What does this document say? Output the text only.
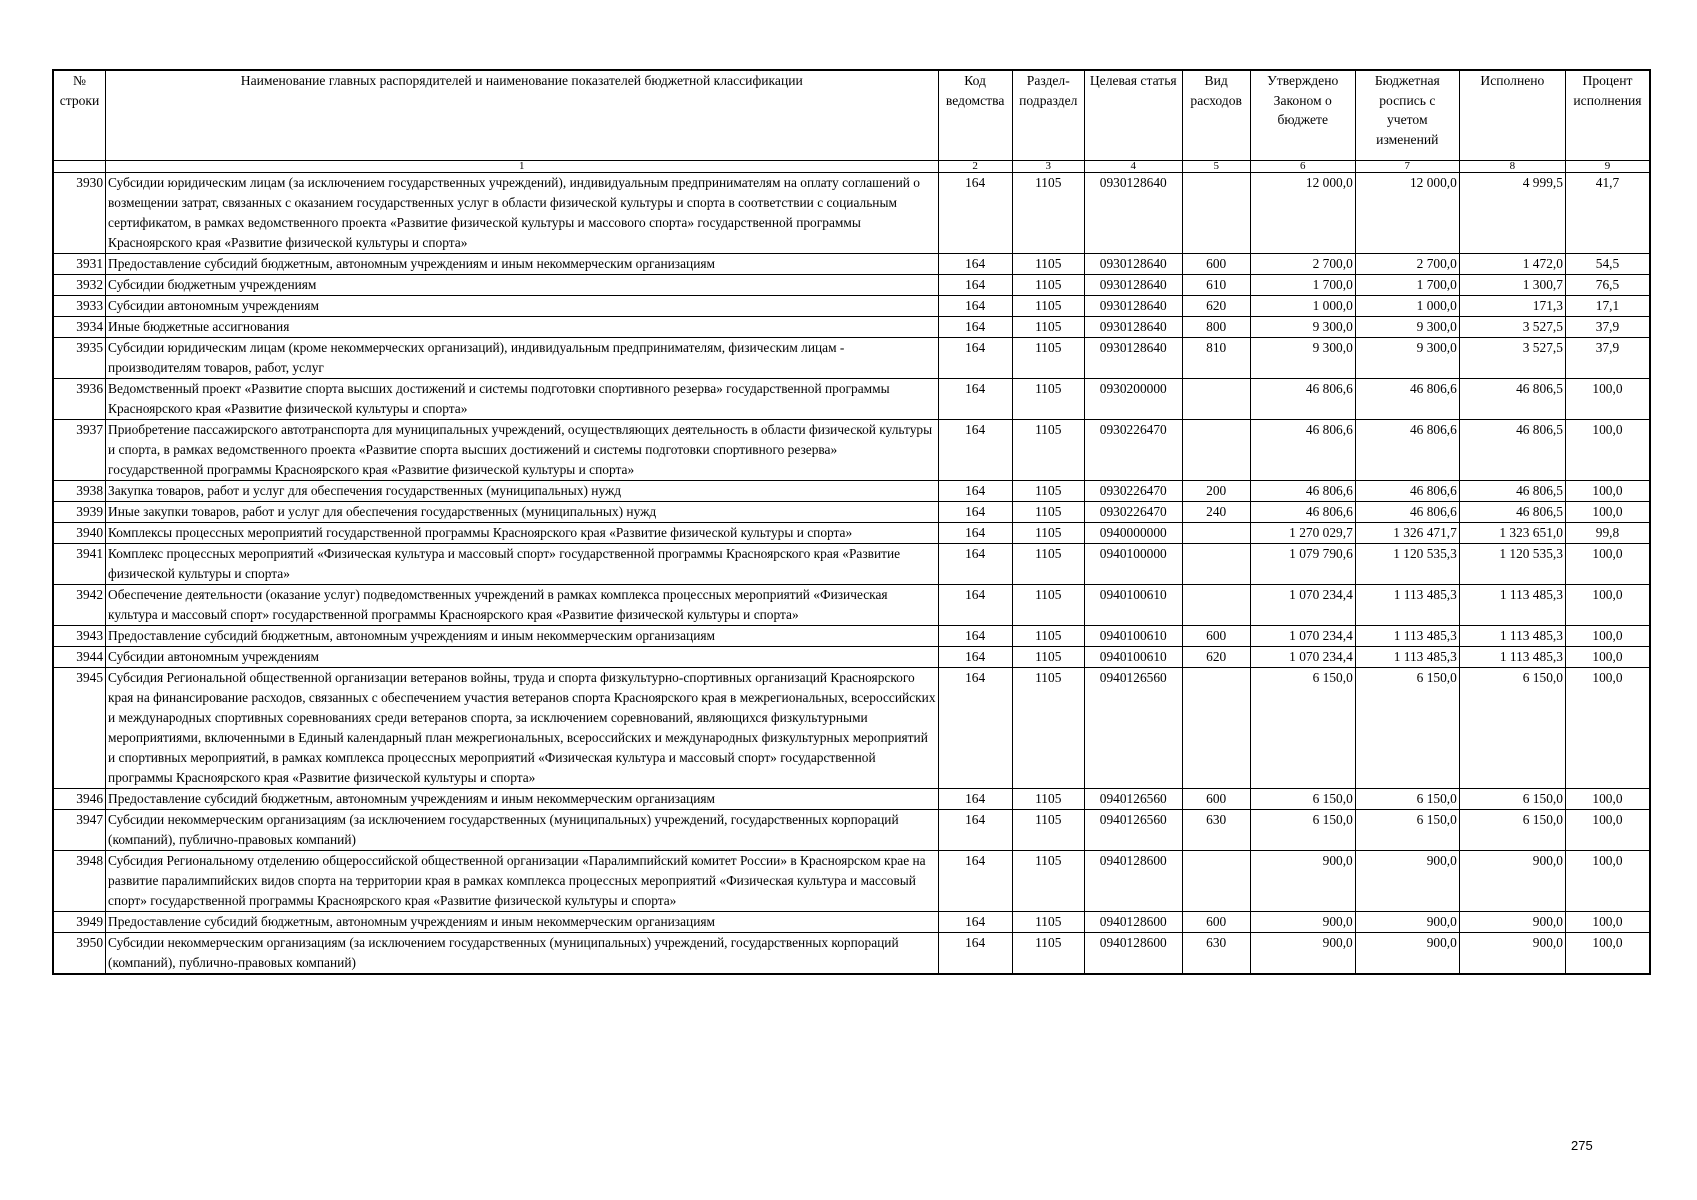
№ строки	Наименование главных распорядителей и наименование показателей бюджетной классификации	Код ведомства	Раздел-подраздел	Целевая статья	Вид расходов	Утверждено Законом о бюджете	Бюджетная роспись с учетом изменений	Исполнено	Процент исполнения
	1	2	3	4	5	6	7	8	9
3930	Субсидии юридическим лицам (за исключением государственных учреждений), индивидуальным предпринимателям на оплату соглашений о возмещении затрат, связанных с оказанием государственных услуг в области физической культуры и спорта в соответствии с социальным сертификатом, в рамках ведомственного проекта «Развитие физической культуры и массового спорта» государственной программы Красноярского края «Развитие физической культуры и спорта»	164	1105	0930128640		12 000,0	12 000,0	4 999,5	41,7
3931	Предоставление субсидий бюджетным, автономным учреждениям и иным некоммерческим организациям	164	1105	0930128640	600	2 700,0	2 700,0	1 472,0	54,5
3932	Субсидии бюджетным учреждениям	164	1105	0930128640	610	1 700,0	1 700,0	1 300,7	76,5
3933	Субсидии автономным учреждениям	164	1105	0930128640	620	1 000,0	1 000,0	171,3	17,1
3934	Иные бюджетные ассигнования	164	1105	0930128640	800	9 300,0	9 300,0	3 527,5	37,9
3935	Субсидии юридическим лицам (кроме некоммерческих организаций), индивидуальным предпринимателям, физическим лицам - производителям товаров, работ, услуг	164	1105	0930128640	810	9 300,0	9 300,0	3 527,5	37,9
3936	Ведомственный проект «Развитие спорта высших достижений и системы подготовки спортивного резерва» государственной программы Красноярского края «Развитие физической культуры и спорта»	164	1105	0930200000		46 806,6	46 806,6	46 806,5	100,0
3937	Приобретение пассажирского автотранспорта для муниципальных учреждений, осуществляющих деятельность в области физической культуры и спорта, в рамках ведомственного проекта «Развитие спорта высших достижений и системы подготовки спортивного резерва» государственной программы Красноярского края «Развитие физической культуры и спорта»	164	1105	0930226470		46 806,6	46 806,6	46 806,5	100,0
3938	Закупка товаров, работ и услуг для обеспечения государственных (муниципальных) нужд	164	1105	0930226470	200	46 806,6	46 806,6	46 806,5	100,0
3939	Иные закупки товаров, работ и услуг для обеспечения государственных (муниципальных) нужд	164	1105	0930226470	240	46 806,6	46 806,6	46 806,5	100,0
3940	Комплексы процессных мероприятий государственной программы Красноярского края «Развитие физической культуры и спорта»	164	1105	0940000000		1 270 029,7	1 326 471,7	1 323 651,0	99,8
3941	Комплекс процессных мероприятий «Физическая культура и массовый спорт» государственной программы Красноярского края «Развитие физической культуры и спорта»	164	1105	0940100000		1 079 790,6	1 120 535,3	1 120 535,3	100,0
3942	Обеспечение деятельности (оказание услуг) подведомственных учреждений в рамках комплекса процессных мероприятий «Физическая культура и массовый спорт» государственной программы Красноярского края «Развитие физической культуры и спорта»	164	1105	0940100610		1 070 234,4	1 113 485,3	1 113 485,3	100,0
3943	Предоставление субсидий бюджетным, автономным учреждениям и иным некоммерческим организациям	164	1105	0940100610	600	1 070 234,4	1 113 485,3	1 113 485,3	100,0
3944	Субсидии автономным учреждениям	164	1105	0940100610	620	1 070 234,4	1 113 485,3	1 113 485,3	100,0
3945	Субсидия Региональной общественной организации ветеранов войны, труда и спорта физкультурно-спортивных организаций Красноярского края на финансирование расходов, связанных с обеспечением участия ветеранов спорта Красноярского края в межрегиональных, всероссийских и международных спортивных соревнованиях среди ветеранов спорта, за исключением соревнований, являющихся физкультурными мероприятиями, включенными в Единый календарный план межрегиональных, всероссийских и международных физкультурных мероприятий и спортивных мероприятий, в рамках комплекса процессных мероприятий «Физическая культура и массовый спорт» государственной программы Красноярского края «Развитие физической культуры и спорта»	164	1105	0940126560		6 150,0	6 150,0	6 150,0	100,0
3946	Предоставление субсидий бюджетным, автономным учреждениям и иным некоммерческим организациям	164	1105	0940126560	600	6 150,0	6 150,0	6 150,0	100,0
3947	Субсидии некоммерческим организациям (за исключением государственных (муниципальных) учреждений, государственных корпораций (компаний), публично-правовых компаний)	164	1105	0940126560	630	6 150,0	6 150,0	6 150,0	100,0
3948	Субсидия Региональному отделению общероссийской общественной организации «Паралимпийский комитет России» в Красноярском крае на развитие паралимпийских видов спорта на территории края в рамках комплекса процессных мероприятий «Физическая культура и массовый спорт» государственной программы Красноярского края «Развитие физической культуры и спорта»	164	1105	0940128600		900,0	900,0	900,0	100,0
3949	Предоставление субсидий бюджетным, автономным учреждениям и иным некоммерческим организациям	164	1105	0940128600	600	900,0	900,0	900,0	100,0
3950	Субсидии некоммерческим организациям (за исключением государственных (муниципальных) учреждений, государственных корпораций (компаний), публично-правовых компаний)	164	1105	0940128600	630	900,0	900,0	900,0	100,0
275
